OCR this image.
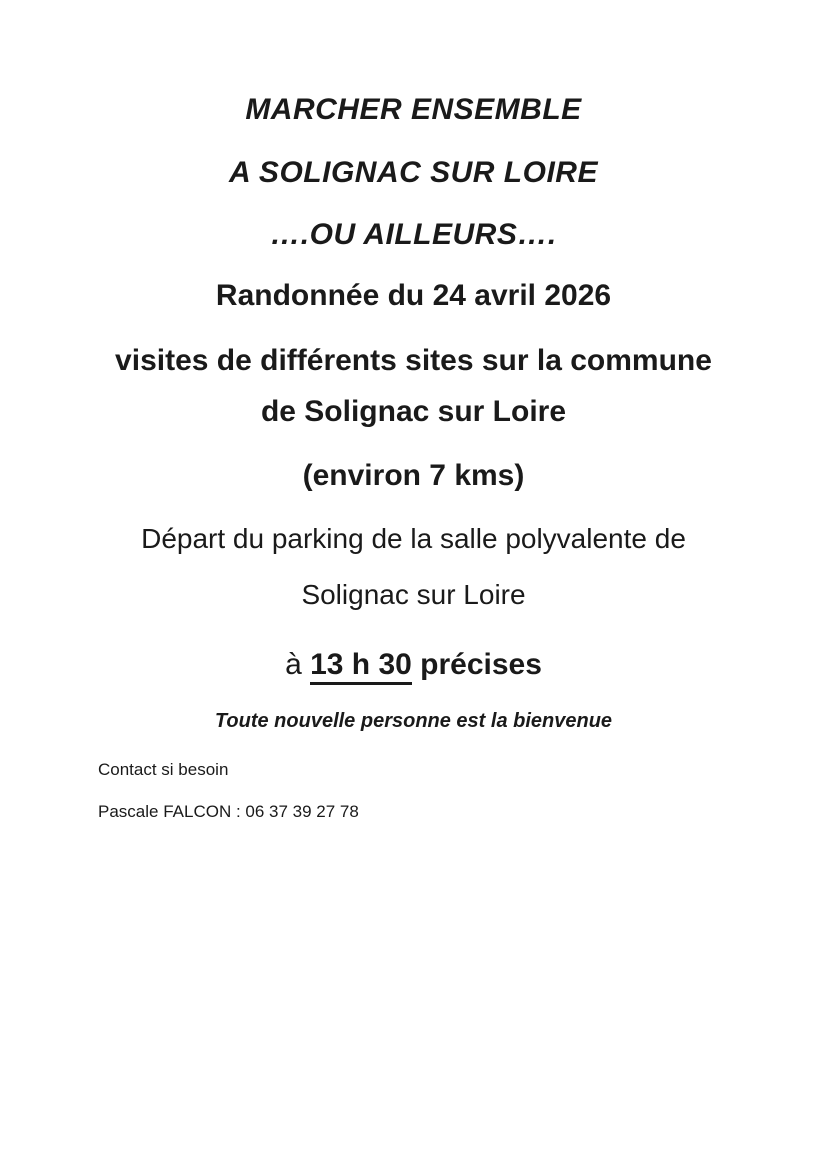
MARCHER ENSEMBLE
A SOLIGNAC SUR LOIRE
….OU AILLEURS….
Randonnée du 24 avril 2026
visites de différents sites sur la commune
de Solignac sur Loire
(environ 7 kms)
Départ du parking de la salle polyvalente de
Solignac sur Loire
à 13 h 30 précises
Toute nouvelle personne est la bienvenue
Contact si besoin
Pascale FALCON : 06 37 39 27 78
